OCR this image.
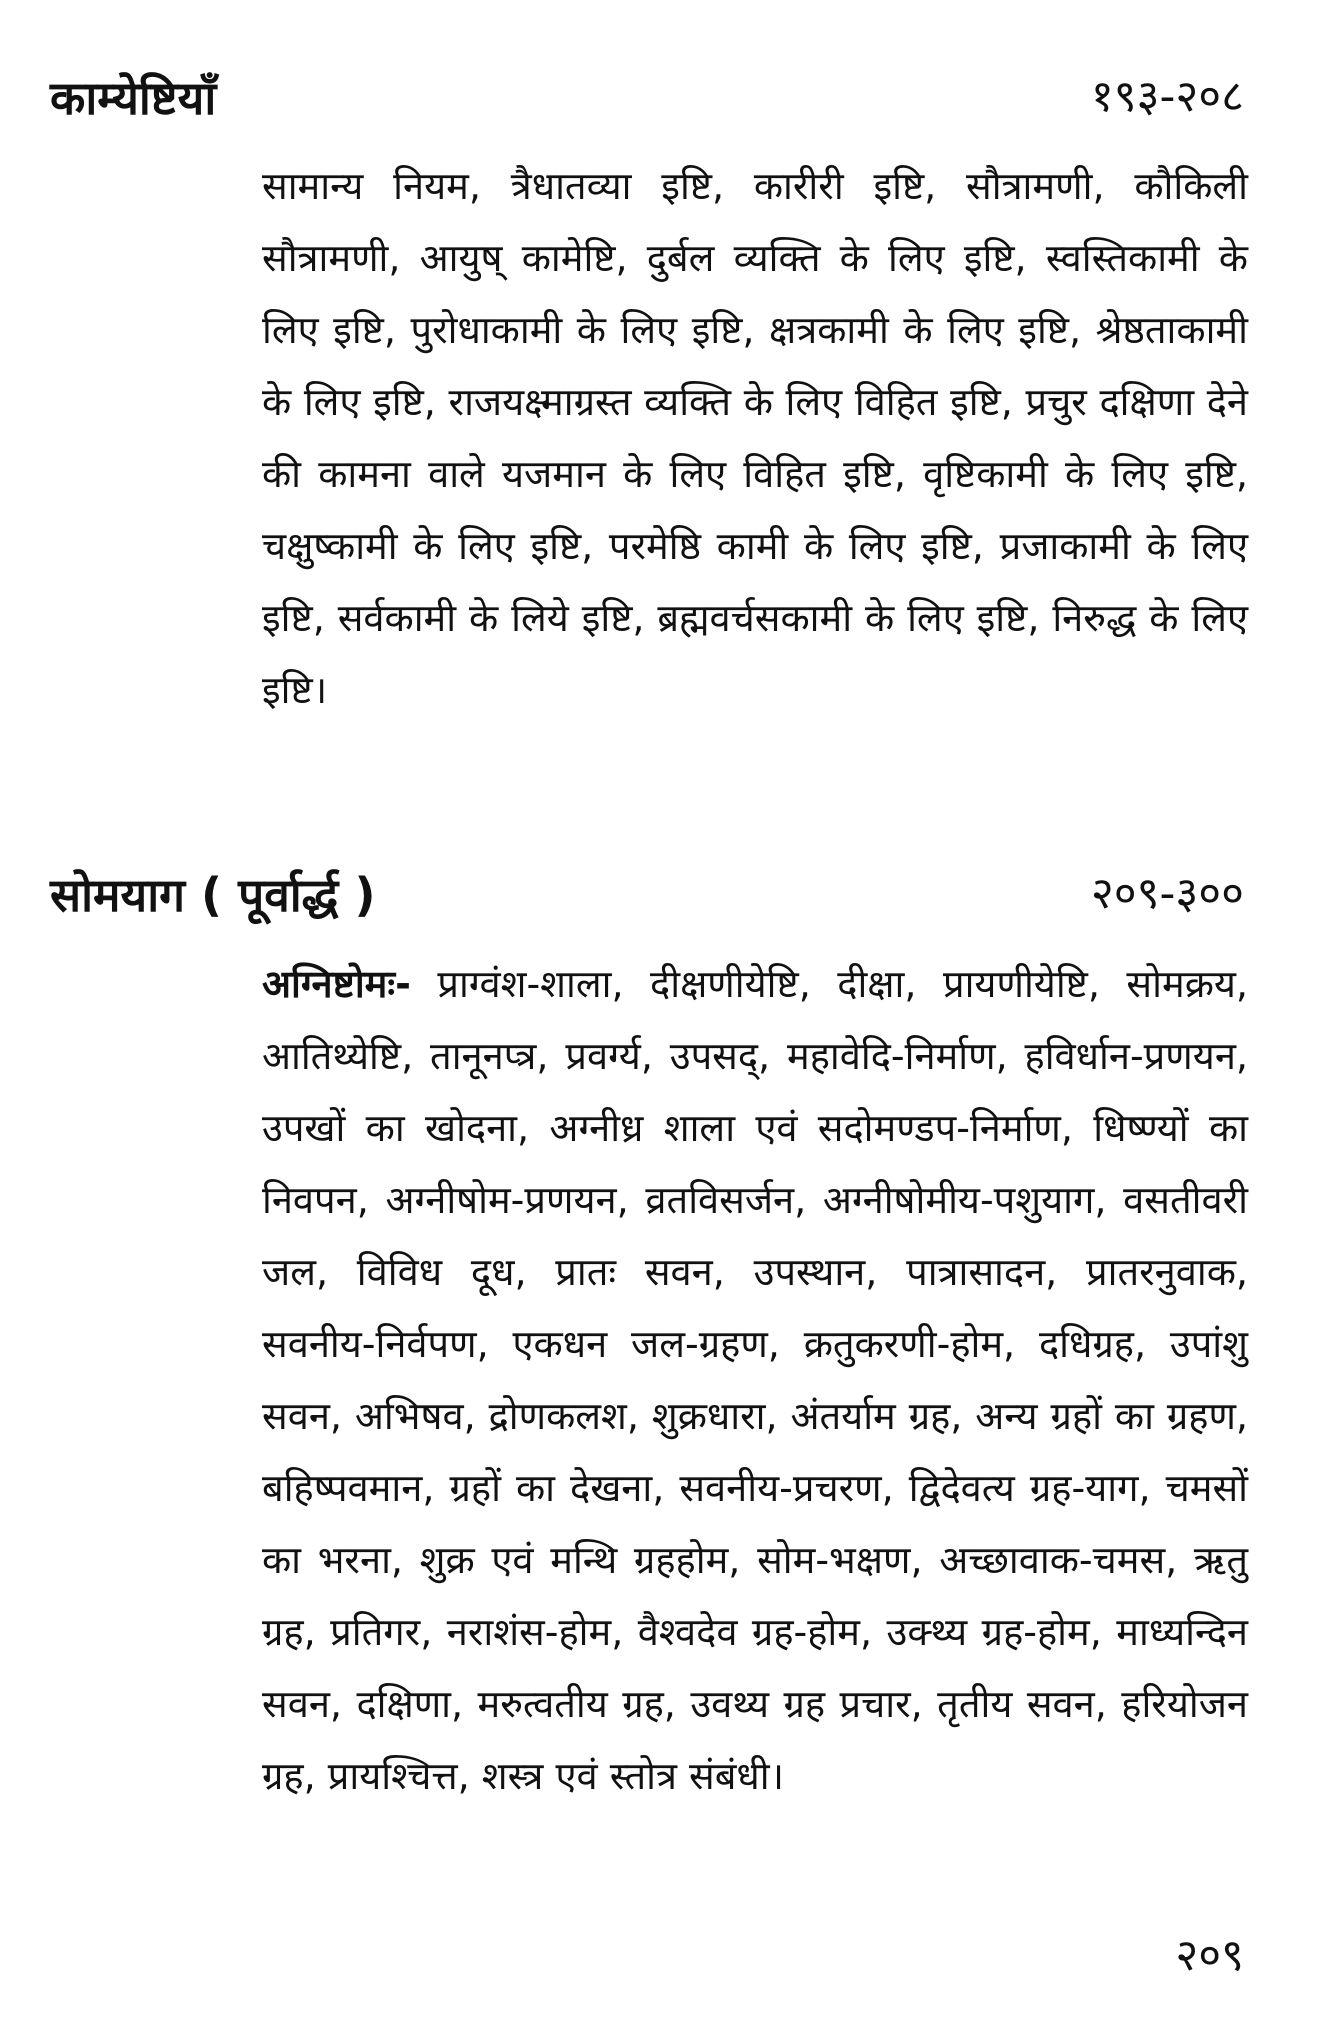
काम्येष्टियाँ	१९३-२०८
सामान्य नियम, त्रैधातव्या इष्टि, कारीरी इष्टि, सौत्रामणी, कौकिली सौत्रामणी, आयुष् कामेष्टि, दुर्बल व्यक्ति के लिए इष्टि, स्वस्तिकामी के लिए इष्टि, पुरोधाकामी के लिए इष्टि, क्षत्रकामी के लिए इष्टि, श्रेष्ठताकामी के लिए इष्टि, राजयक्ष्माग्रस्त व्यक्ति के लिए विहित इष्टि, प्रचुर दक्षिणा देने की कामना वाले यजमान के लिए विहित इष्टि, वृष्टिकामी के लिए इष्टि, चक्षुष्कामी के लिए इष्टि, परमेष्ठि कामी के लिए इष्टि, प्रजाकामी के लिए इष्टि, सर्वकामी के लिये इष्टि, ब्रह्मवर्चसकामी के लिए इष्टि, निरुद्ध के लिए इष्टि।
सोमयाग ( पूर्वार्द्ध )	२०९-३००
अग्निष्टोमः- प्राग्वंश-शाला, दीक्षणीयेष्टि, दीक्षा, प्रायणीयेष्टि, सोमक्रय, आतिथ्येष्टि, तानूनप्त्र, प्रवर्ग्य, उपसद्, महावेदि-निर्माण, हविर्धान-प्रणयन, उपखों का खोदना, अग्नीध्र शाला एवं सदोमण्डप-निर्माण, धिष्ण्यों का निवपन, अग्नीषोम-प्रणयन, व्रतविसर्जन, अग्नीषोमीय-पशुयाग, वसतीवरी जल, विविध दूध, प्रातः सवन, उपस्थान, पात्रासादन, प्रातरनुवाक, सवनीय-निर्वपण, एकधन जल-ग्रहण, क्रतुकरणी-होम, दधिग्रह, उपांशु सवन, अभिषव, द्रोणकलश, शुक्रधारा, अंतर्याम ग्रह, अन्य ग्रहों का ग्रहण, बहिष्पवमान, ग्रहों का देखना, सवनीय-प्रचरण, द्विदेवत्य ग्रह-याग, चमसों का भरना, शुक्र एवं मन्थि ग्रहहोम, सोम-भक्षण, अच्छावाक-चमस, ऋतु ग्रह, प्रतिगर, नराशंस-होम, वैश्वदेव ग्रह-होम, उक्थ्य ग्रह-होम, माध्यन्दिन सवन, दक्षिणा, मरुत्वतीय ग्रह, उवथ्य ग्रह प्रचार, तृतीय सवन, हरियोजन ग्रह, प्रायश्चित्त, शस्त्र एवं स्तोत्र संबंधी।
२०९
